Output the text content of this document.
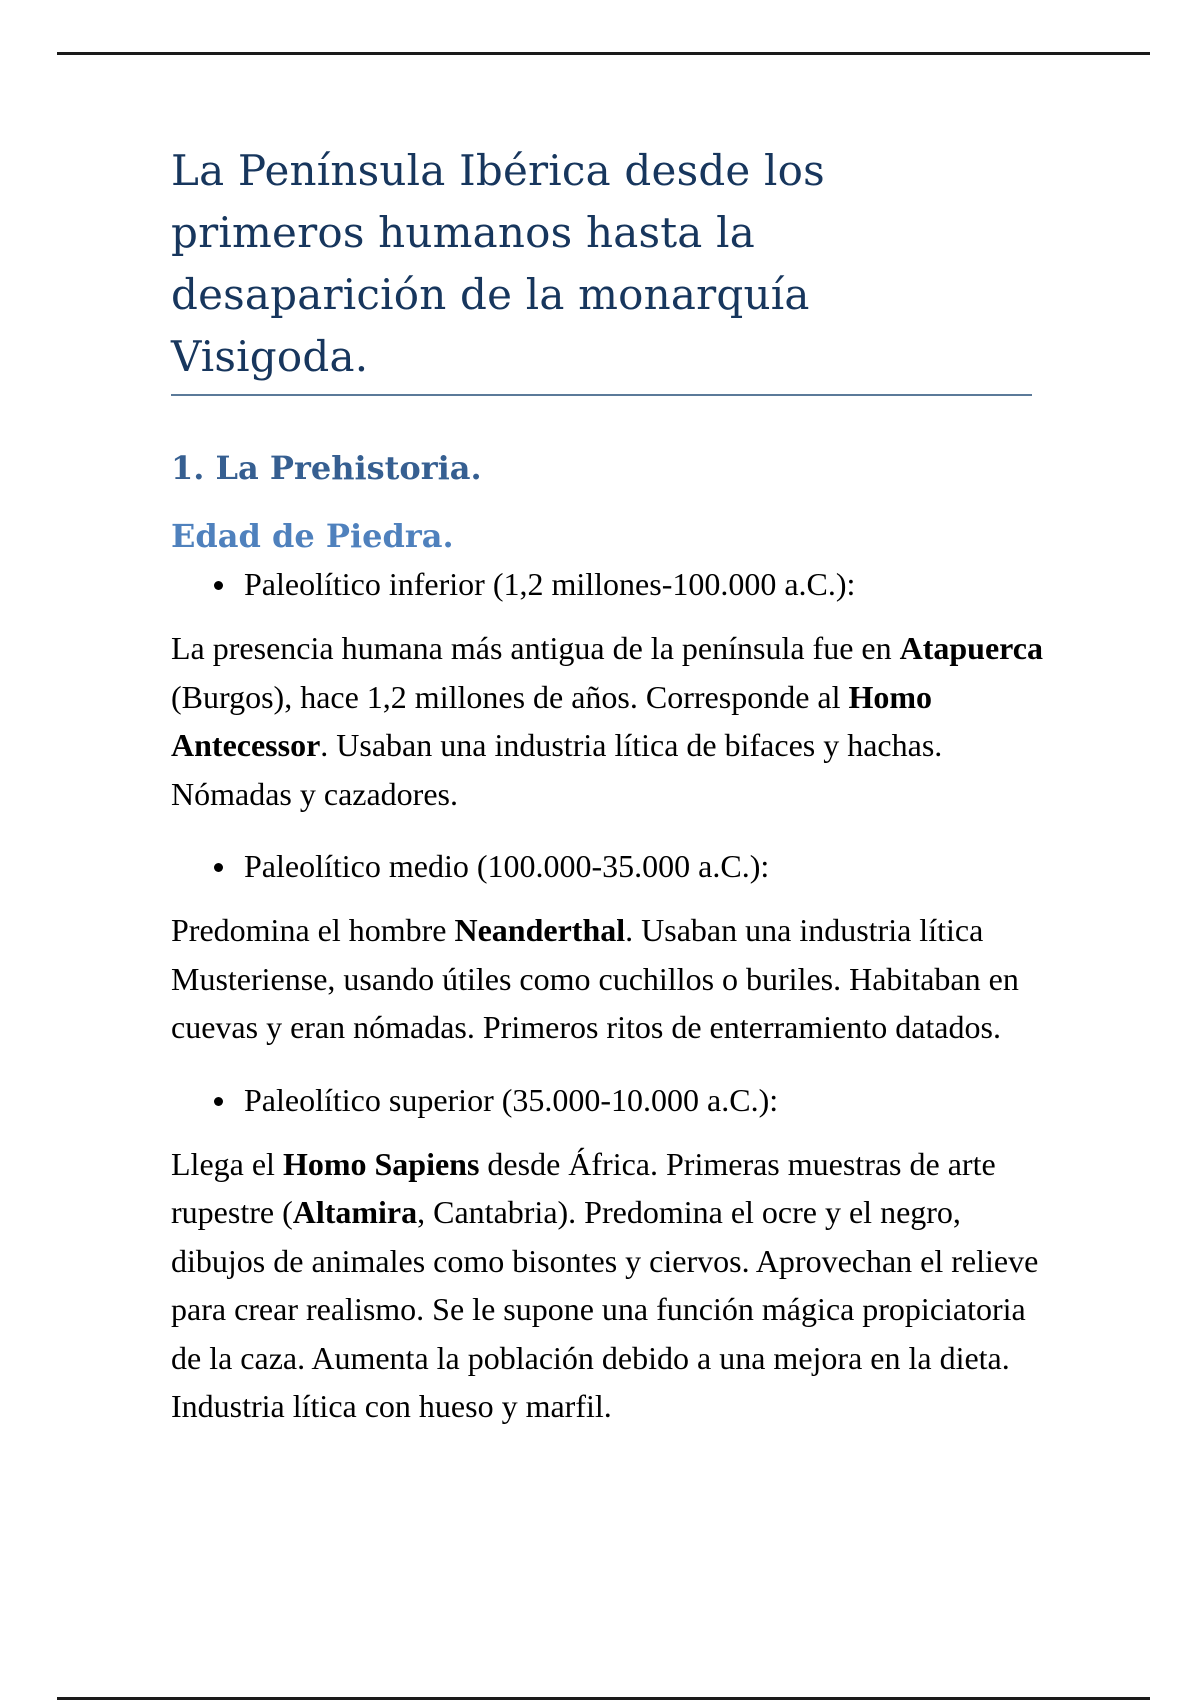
La Península Ibérica desde los
primeros humanos hasta la
desaparición de la monarquía
Visigoda.
1. La Prehistoria.
Edad de Piedra.
Paleolítico inferior (1,2 millones-100.000 a.C.):

La presencia humana más antigua de la península fue en Atapuerca (Burgos), hace 1,2 millones de años. Corresponde al Homo Antecessor. Usaban una industria lítica de bifaces y hachas. Nómadas y cazadores.

Paleolítico medio (100.000-35.000 a.C.):

Predomina el hombre Neanderthal. Usaban una industria lítica Musteriense, usando útiles como cuchillos o buriles. Habitaban en cuevas y eran nómadas. Primeros ritos de enterramiento datados.

Paleolítico superior (35.000-10.000 a.C.):

Llega el Homo Sapiens desde África. Primeras muestras de arte rupestre (Altamira, Cantabria). Predomina el ocre y el negro, dibujos de animales como bisontes y ciervos. Aprovechan el relieve para crear realismo. Se le supone una función mágica propiciatoria de la caza. Aumenta la población debido a una mejora en la dieta. Industria lítica con hueso y marfil.
